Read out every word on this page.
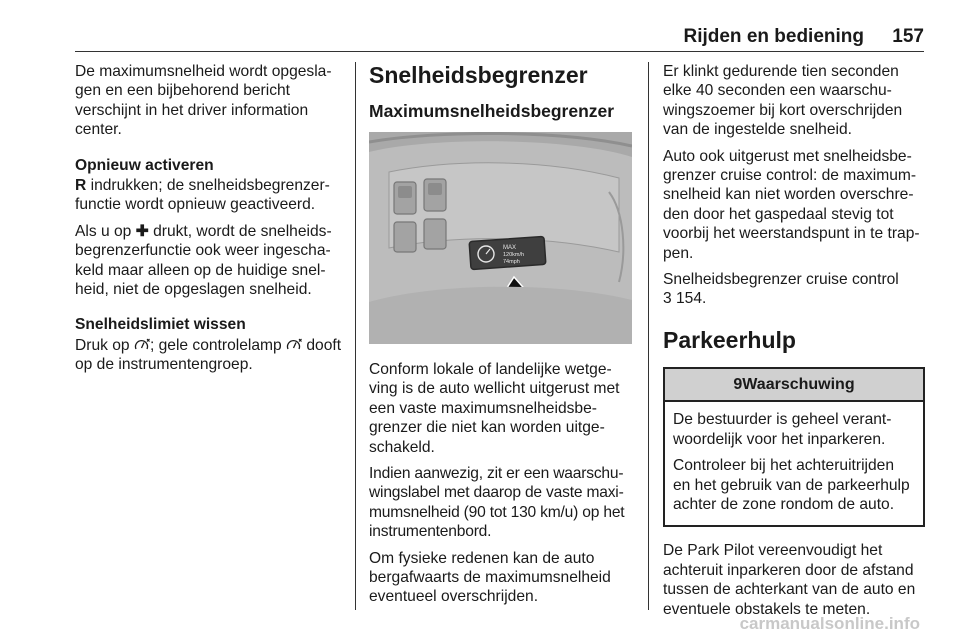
Rijden en bediening 157

De maximumsnelheid wordt opgeslagen en een bijbehorend bericht verschijnt in het driver information center.

Opnieuw activeren

R indrukken; de snelheidsbegrenzerfunctie wordt opnieuw geactiveerd.

Als u op ✚ drukt, wordt de snelheidsbegrenzerfunctie ook weer ingeschakeld maar alleen op de huidige snelheid, niet de opgeslagen snelheid.

Snelheidslimiet wissen

Druk op ; gele controlelamp  dooft op de instrumentengroep.

Snelheidsbegrenzer
Maximumsnelheidsbegrenzer
MAX
120km/h
74mph

Conform lokale of landelijke wetgeving is de auto wellicht uitgerust met een vaste maximumsnelheidsbegrenzer die niet kan worden uitgeschakeld.

Indien aanwezig, zit er een waarschuwingslabel met daarop de vaste maximumsnelheid (90 tot 130 km/u) op het instrumentenbord.

Om fysieke redenen kan de auto bergafwaarts de maximumsnelheid eventueel overschrijden.

Er klinkt gedurende tien seconden elke 40 seconden een waarschuwingszoemer bij kort overschrijden van de ingestelde snelheid.

Auto ook uitgerust met snelheidsbegrenzer cruise control: de maximumsnelheid kan niet worden overschreden door het gaspedaal stevig tot voorbij het weerstandspunt in te trappen.

Snelheidsbegrenzer cruise control
3 154.

Parkeerhulp
9Waarschuwing

De bestuurder is geheel verantwoordelijk voor het inparkeren.

Controleer bij het achteruitrijden en het gebruik van de parkeerhulp achter de zone rondom de auto.

De Park Pilot vereenvoudigt het achteruit inparkeren door de afstand tussen de achterkant van de auto en eventuele obstakels te meten.

carmanualsonline.info
